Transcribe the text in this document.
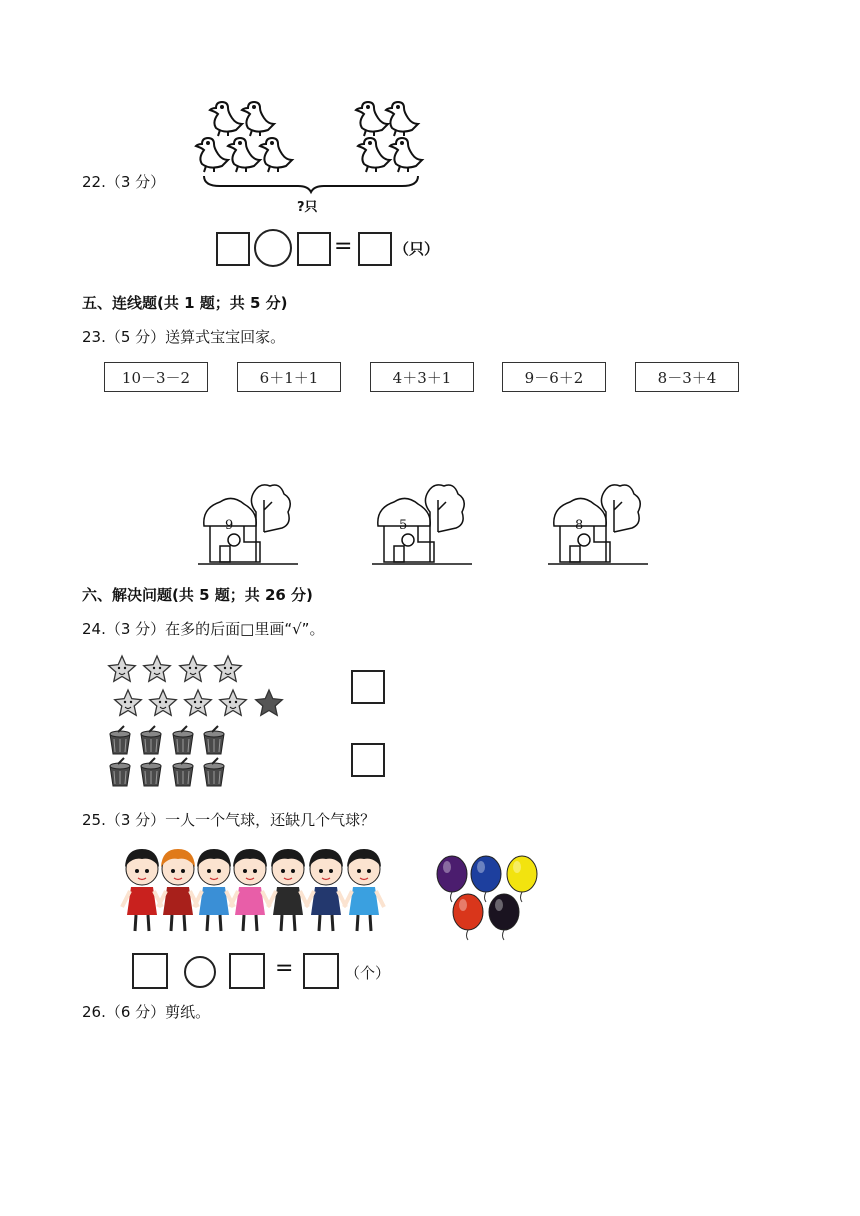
22.（3 分）
?只
=	（只）
五、连线题(共 1 题；共 5 分)
23.（5 分）送算式宝宝回家。
10－3－2	6＋1＋1	4＋3＋1	9－6＋2	8－3＋4
9	5	8
六、解决问题(共 5 题；共 26 分)
24.（3 分）在多的后面□里画“√”。
25.（3 分）一人一个气球，还缺几个气球？
=	（个）
26.（6 分）剪纸。
